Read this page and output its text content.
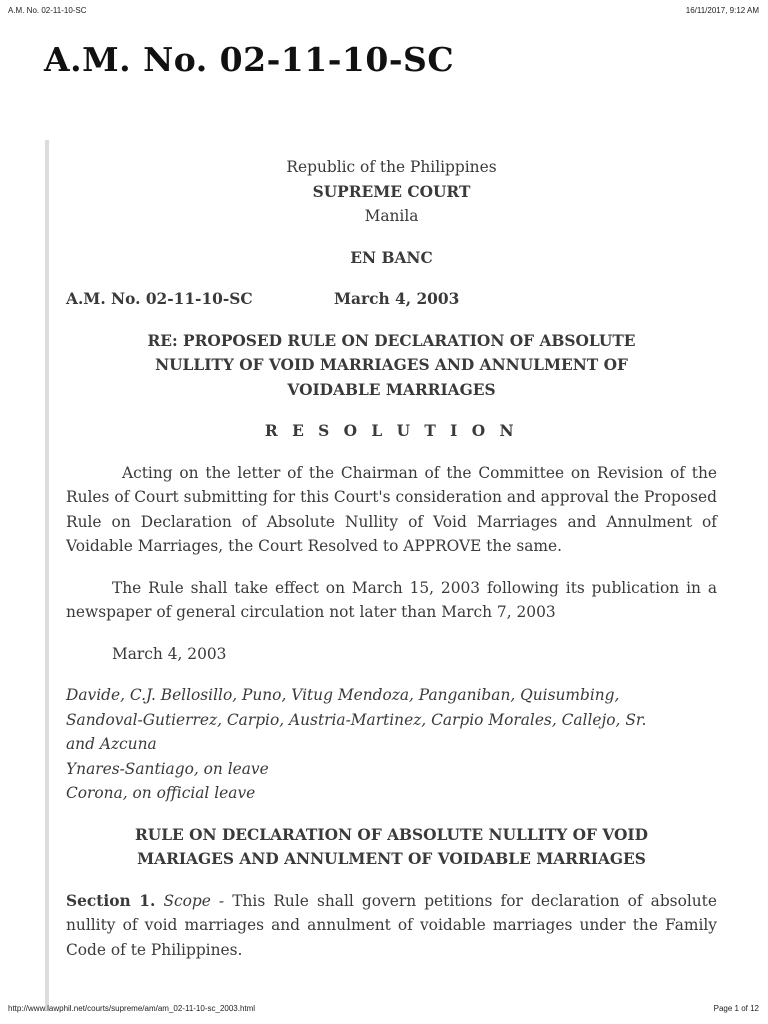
A.M. No. 02-11-10-SC	16/11/2017, 9:12 AM
A.M. No. 02-11-10-SC
Republic of the Philippines
SUPREME COURT
Manila
EN BANC
A.M. No. 02-11-10-SC	March 4, 2003
RE: PROPOSED RULE ON DECLARATION OF ABSOLUTE
NULLITY OF VOID MARRIAGES AND ANNULMENT OF
VOIDABLE MARRIAGES
R E S O L U T I O N

Acting on the letter of the Chairman of the Committee on Revision of the Rules of Court submitting for this Court's consideration and approval the Proposed Rule on Declaration of Absolute Nullity of Void Marriages and Annulment of Voidable Marriages, the Court Resolved to APPROVE the same.

The Rule shall take effect on March 15, 2003 following its publication in a newspaper of general circulation not later than March 7, 2003

March 4, 2003

Davide, C.J. Bellosillo, Puno, Vitug Mendoza, Panganiban, Quisumbing,
Sandoval-Gutierrez, Carpio, Austria-Martinez, Carpio Morales, Callejo, Sr.
and Azcuna
Ynares-Santiago, on leave
Corona, on official leave
RULE ON DECLARATION OF ABSOLUTE NULLITY OF VOID
MARIAGES AND ANNULMENT OF VOIDABLE MARRIAGES

Section 1. Scope - This Rule shall govern petitions for declaration of absolute nullity of void marriages and annulment of voidable marriages under the Family Code of te Philippines.

http://www.lawphil.net/courts/supreme/am/am_02-11-10-sc_2003.html	Page 1 of 12
